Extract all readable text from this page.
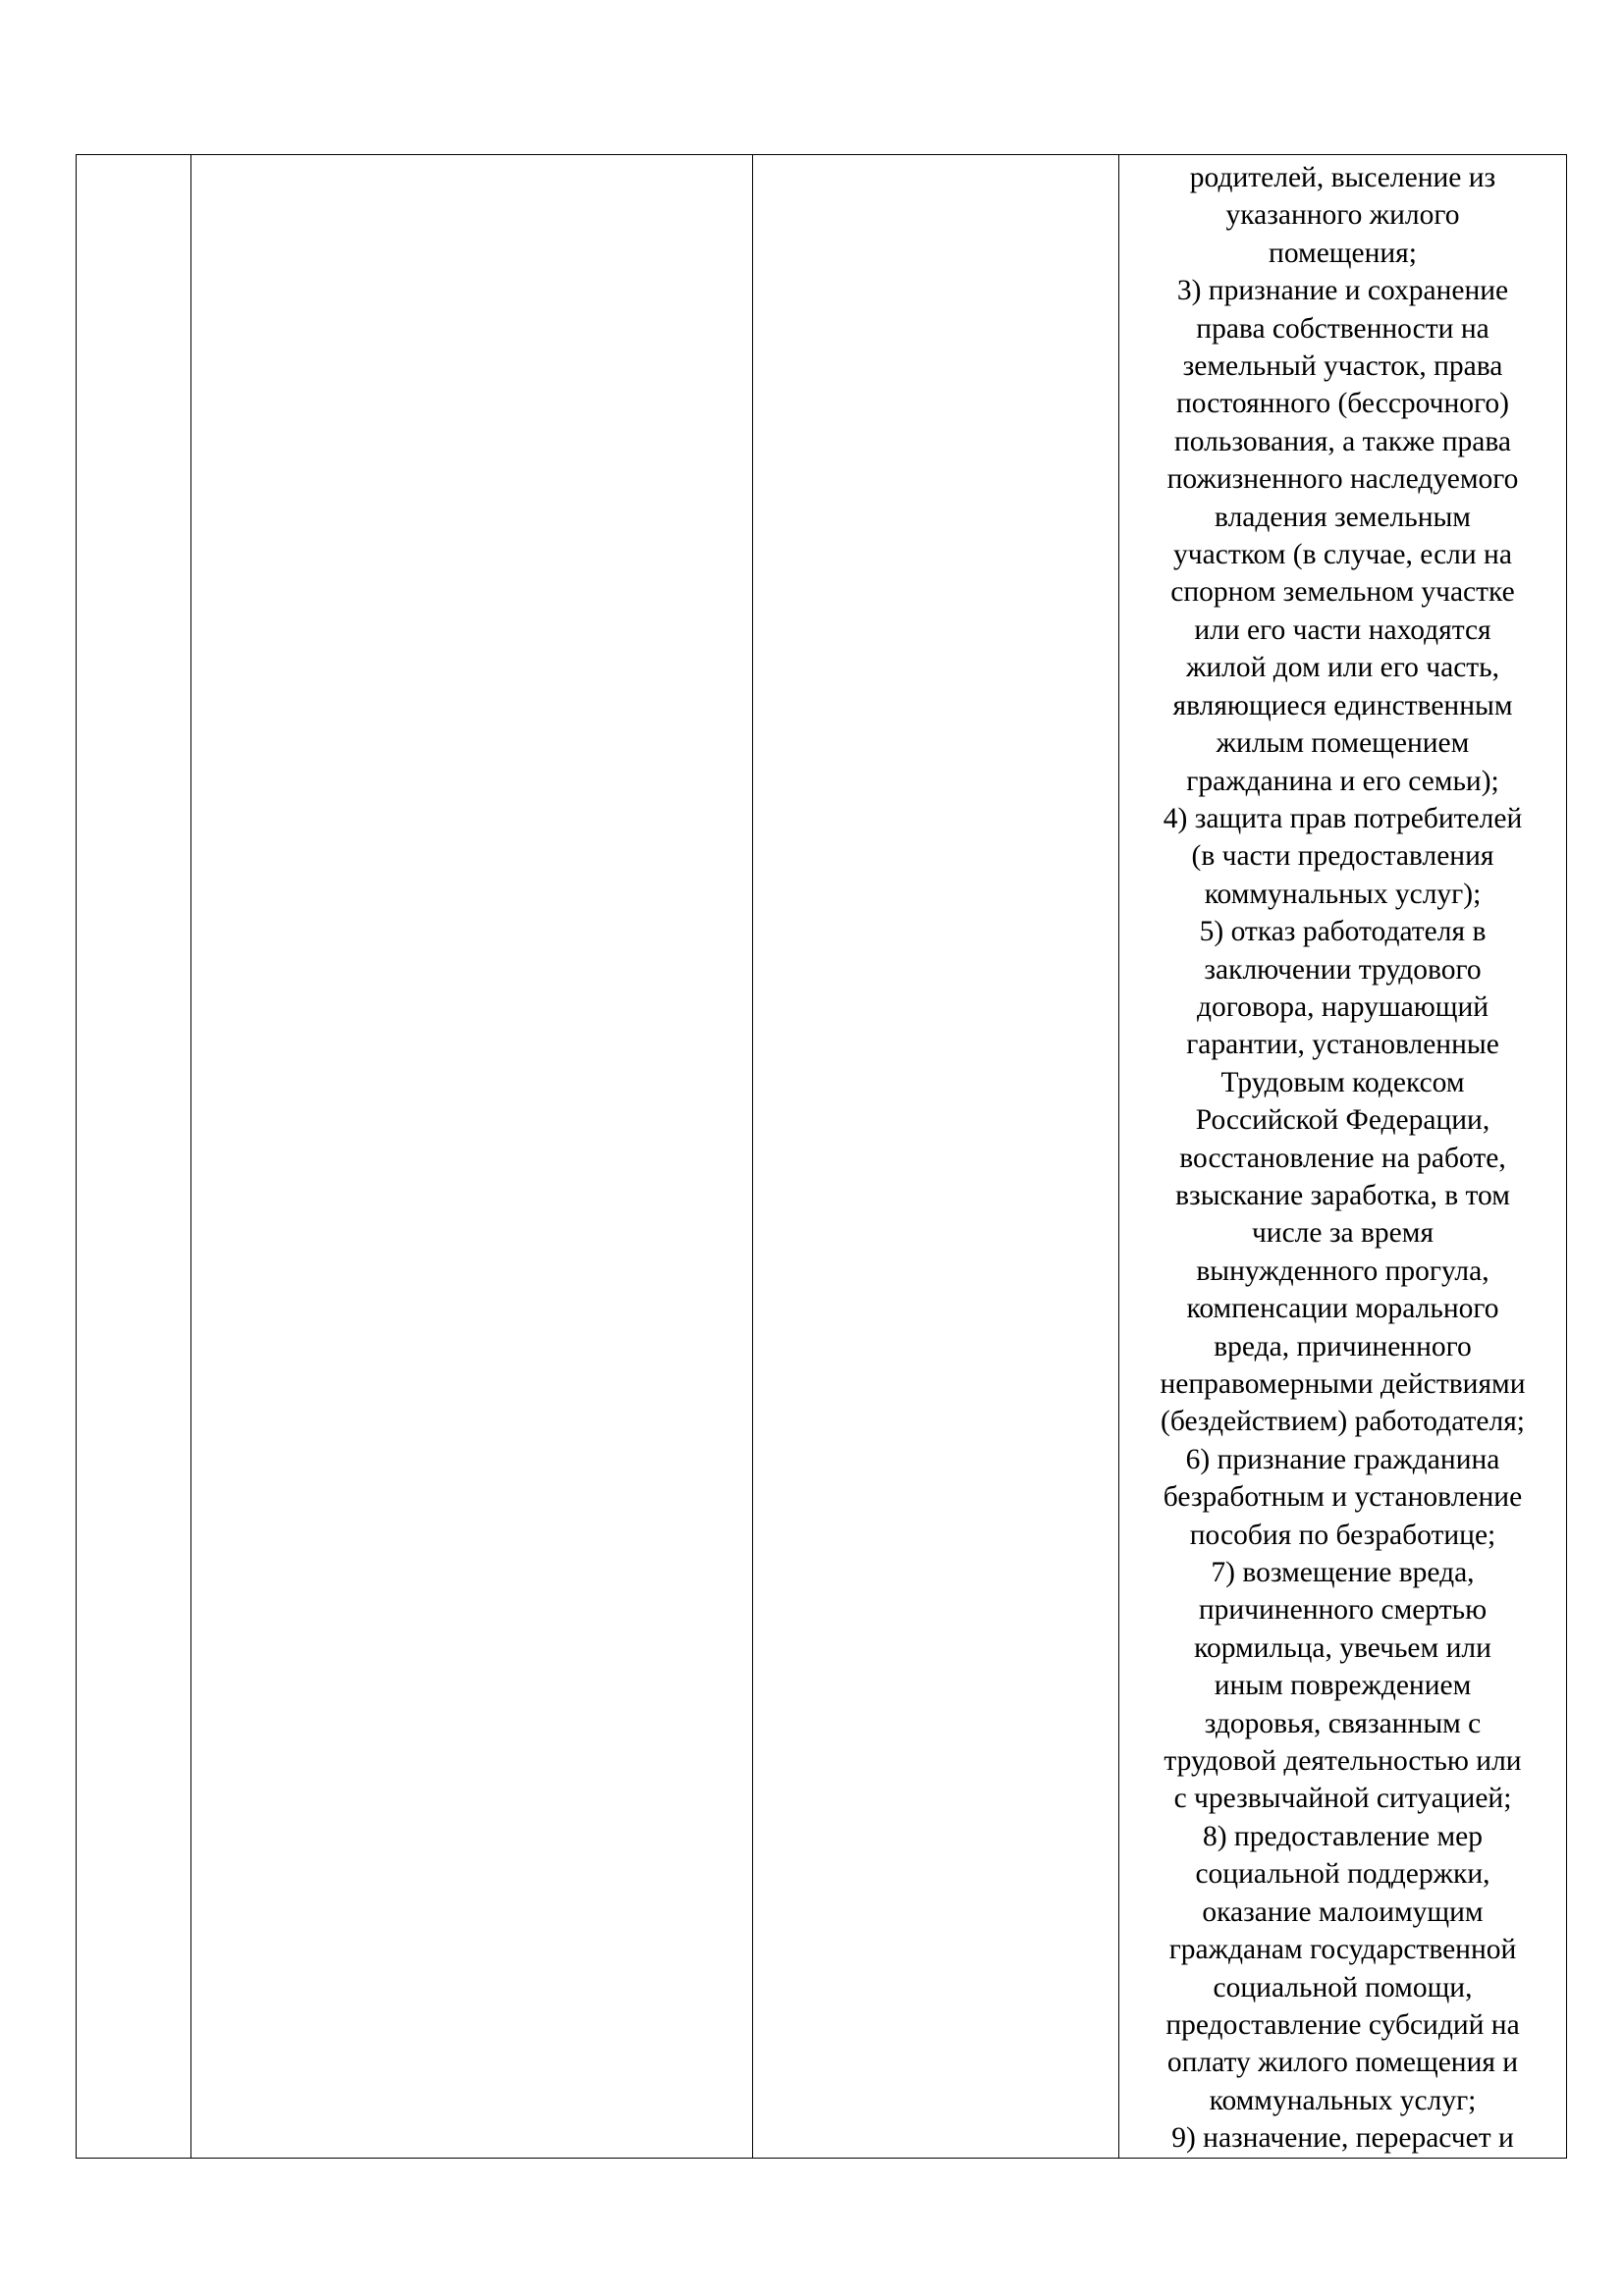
родителей, выселение из
указанного жилого
помещения;
3) признание и сохранение
права собственности на
земельный участок, права
постоянного (бессрочного)
пользования, а также права
пожизненного наследуемого
владения земельным
участком (в случае, если на
спорном земельном участке
или его части находятся
жилой дом или его часть,
являющиеся единственным
жилым помещением
гражданина и его семьи);
4) защита прав потребителей
(в части предоставления
коммунальных услуг);
5) отказ работодателя в
заключении трудового
договора, нарушающий
гарантии, установленные
Трудовым кодексом
Российской Федерации,
восстановление на работе,
взыскание заработка, в том
числе за время
вынужденного прогула,
компенсации морального
вреда, причиненного
неправомерными действиями
(бездействием) работодателя;
6) признание гражданина
безработным и установление
пособия по безработице;
7) возмещение вреда,
причиненного смертью
кормильца, увечьем или
иным повреждением
здоровья, связанным с
трудовой деятельностью или
с чрезвычайной ситуацией;
8) предоставление мер
социальной поддержки,
оказание малоимущим
гражданам государственной
социальной помощи,
предоставление субсидий на
оплату жилого помещения и
коммунальных услуг;
9) назначение, перерасчет и
